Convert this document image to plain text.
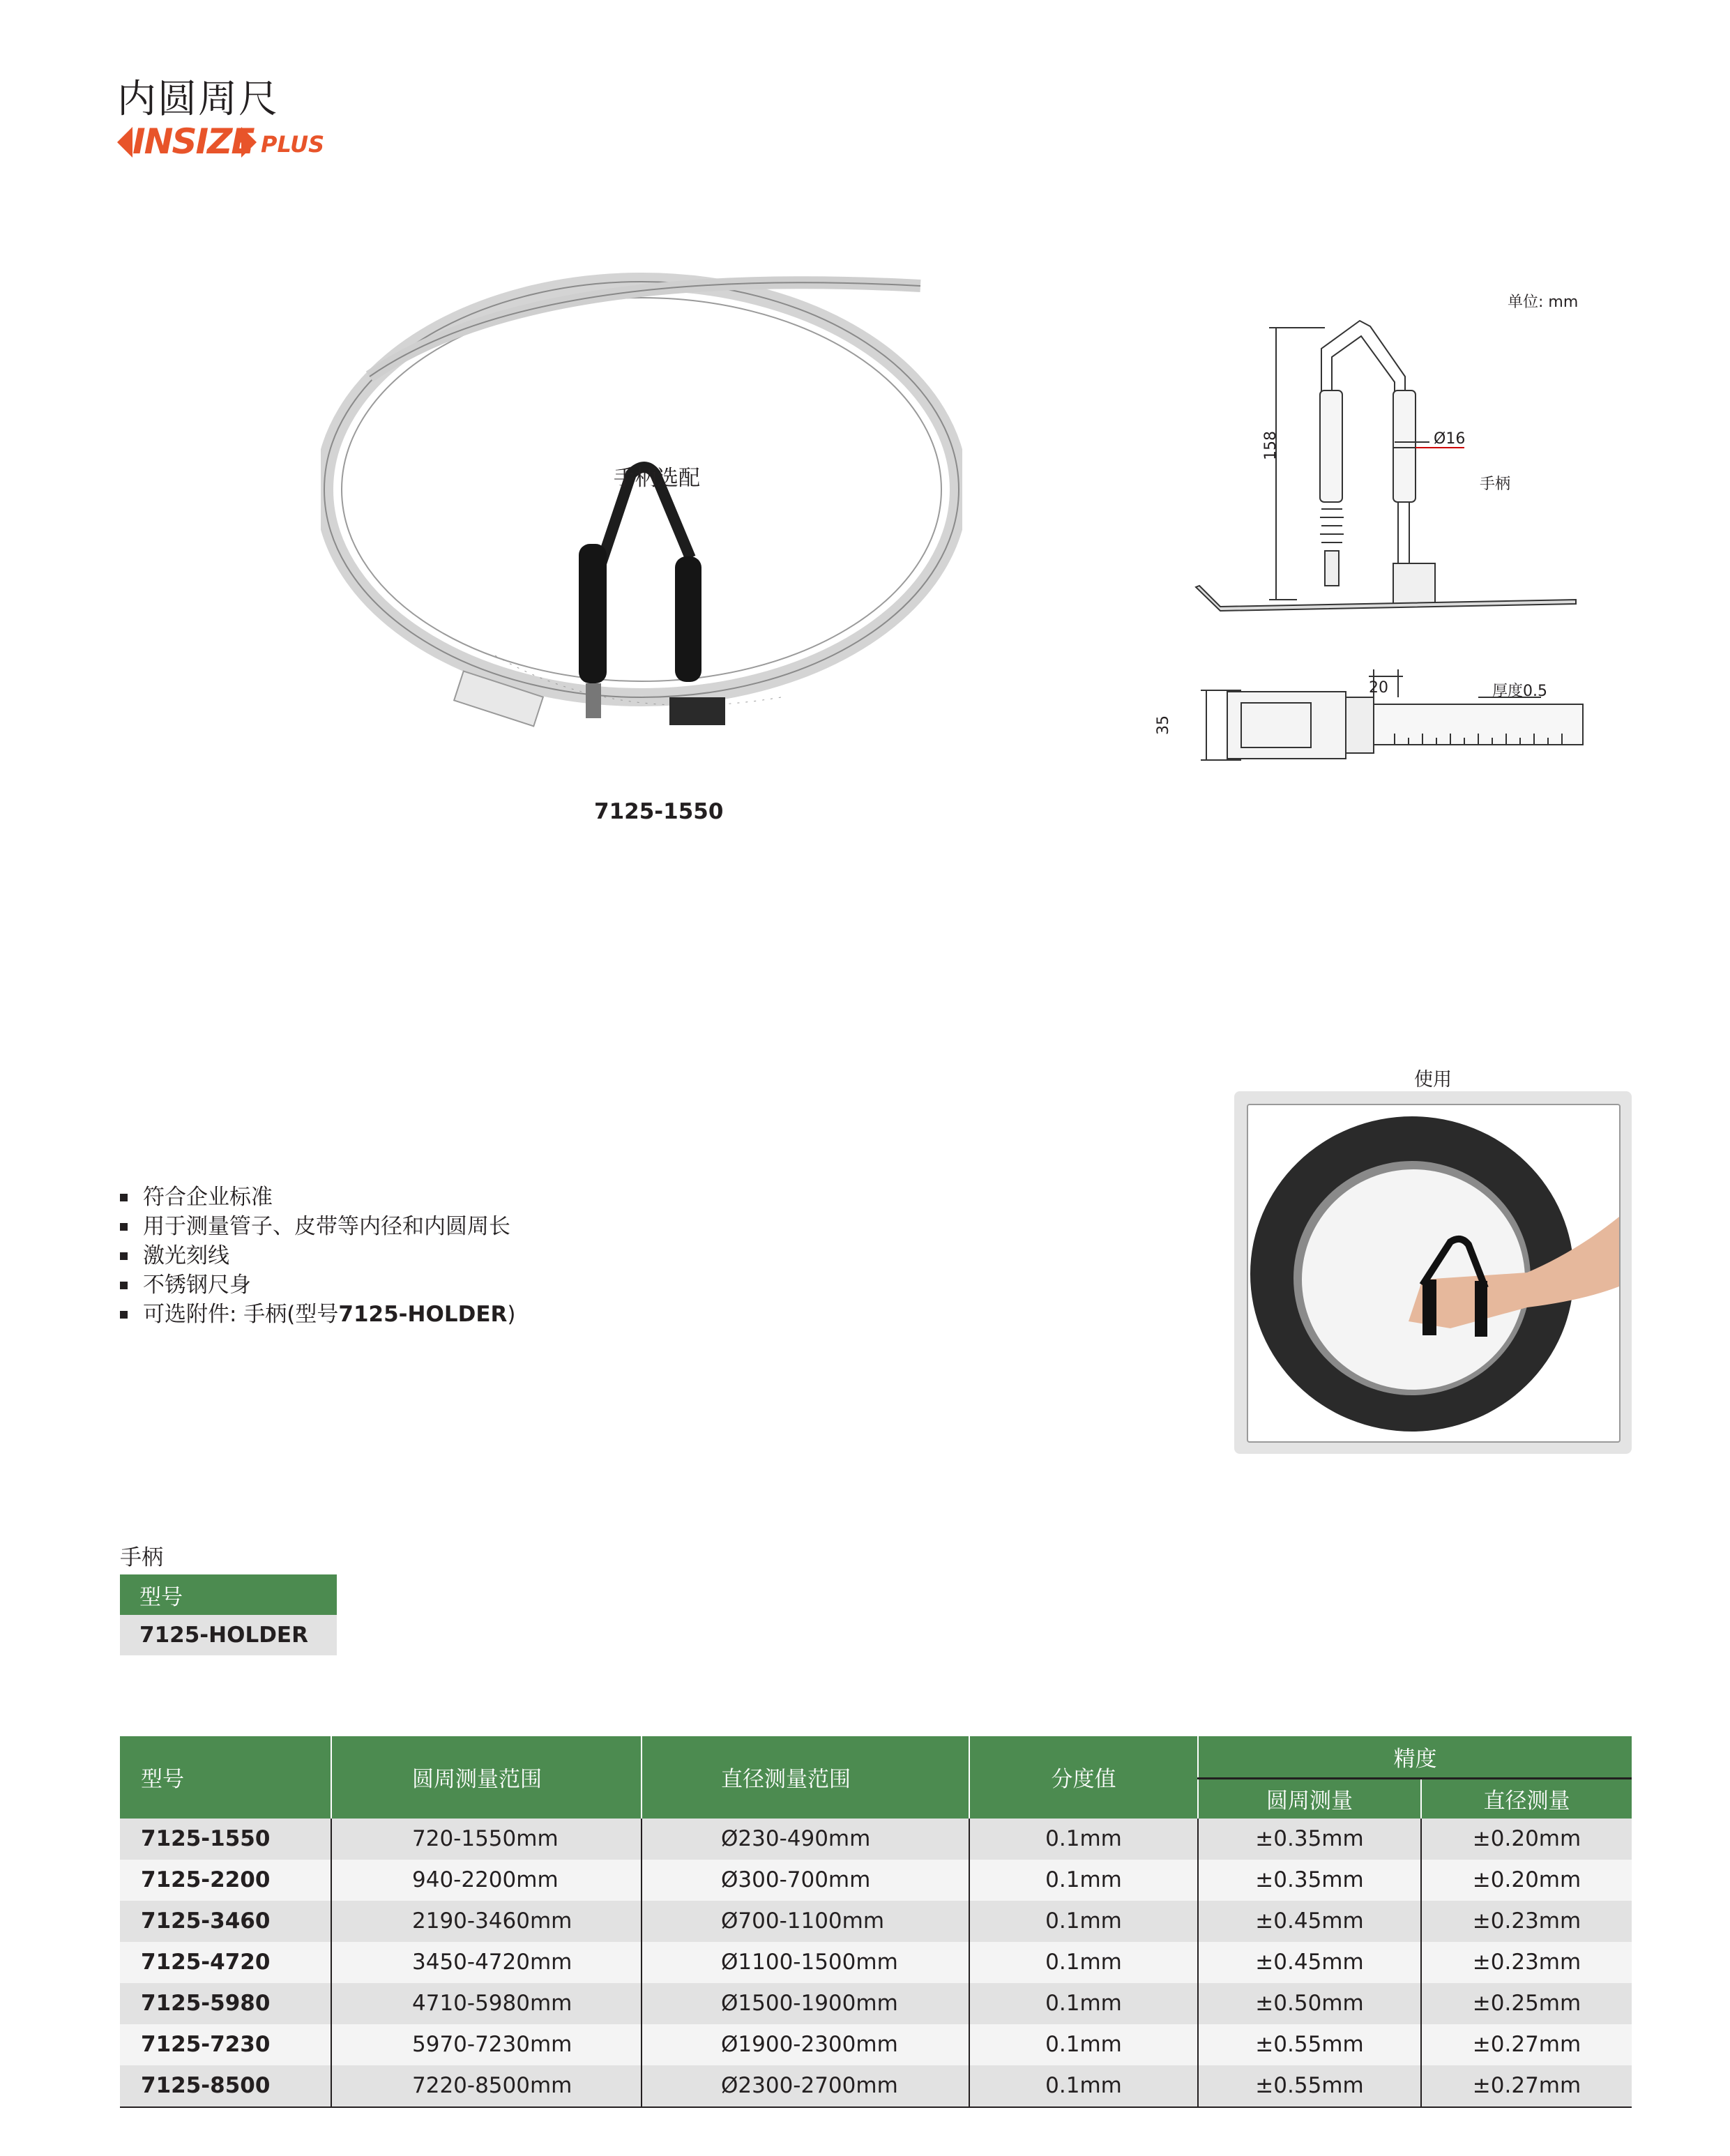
内圆周尺
INSIZE PLUS
手柄选配
7125-1550
单位: mm
158	Ø16
手柄
20	厚度0.5
35
使用
符合企业标准
用于测量管子、皮带等内径和内圆周长
激光刻线
不锈钢尺身
可选附件: 手柄(型号 7125-HOLDER )
手柄
型号
7125-HOLDER
型号	圆周测量范围	直径测量范围	分度值	精度	
				圆周测量	直径测量
7125-1550	720-1550mm	Ø230-490mm	0.1mm	±0.35mm	±0.20mm
7125-2200	940-2200mm	Ø300-700mm	0.1mm	±0.35mm	±0.20mm
7125-3460	2190-3460mm	Ø700-1100mm	0.1mm	±0.45mm	±0.23mm
7125-4720	3450-4720mm	Ø1100-1500mm	0.1mm	±0.45mm	±0.23mm
7125-5980	4710-5980mm	Ø1500-1900mm	0.1mm	±0.50mm	±0.25mm
7125-7230	5970-7230mm	Ø1900-2300mm	0.1mm	±0.55mm	±0.27mm
7125-8500	7220-8500mm	Ø2300-2700mm	0.1mm	±0.55mm	±0.27mm
